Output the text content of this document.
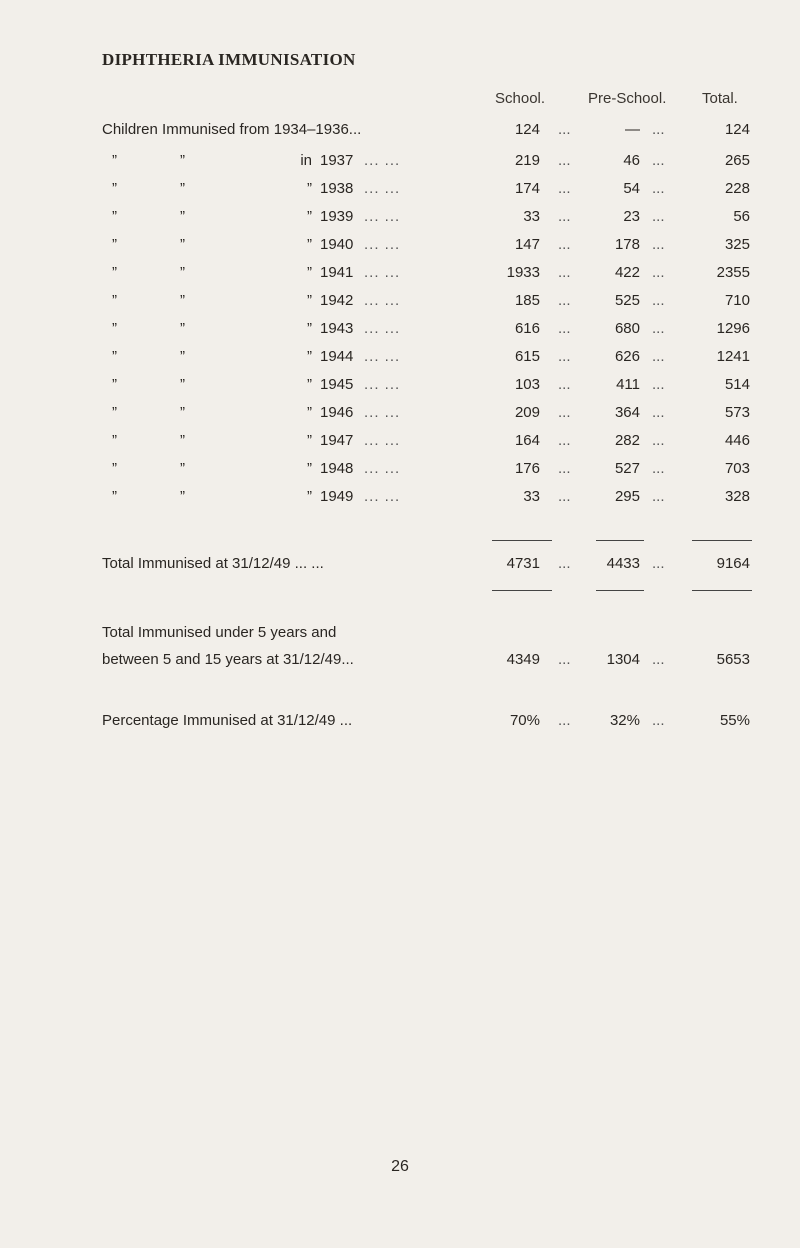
DIPHTHERIA IMMUNISATION
School.	Pre-School. Total.
Children Immunised from 1934–1936...	124 ...	— ...	124
”	”	in 1937 ... ...	219 ...	46 ...	265
”	”	” 1938 ... ...	174 ...	54 ...	228
”	”	” 1939 ... ...	33 ...	23 ...	56
”	”	” 1940 ... ...	147 ...	178 ...	325
”	”	” 1941 ... ...	1933 ...	422 ...	2355
”	”	” 1942 ... ...	185 ...	525 ...	710
”	”	” 1943 ... ...	616 ...	680 ...	1296
”	”	” 1944 ... ...	615 ...	626 ...	1241
”	”	” 1945 ... ...	103 ...	411 ...	514
”	”	” 1946 ... ...	209 ...	364 ...	573
”	”	” 1947 ... ...	164 ...	282 ...	446
”	”	” 1948 ... ...	176 ...	527 ...	703
”	”	” 1949 ... ...	33 ...	295 ...	328
Total Immunised at 31/12/49 ... ...	4731 ...	4433 ...	9164
Total Immunised under 5 years and
between 5 and 15 years at 31/12/49...	4349 ...	1304 ...	5653
Percentage Immunised at 31/12/49 ...	70% ...	32% ...	55%
26
